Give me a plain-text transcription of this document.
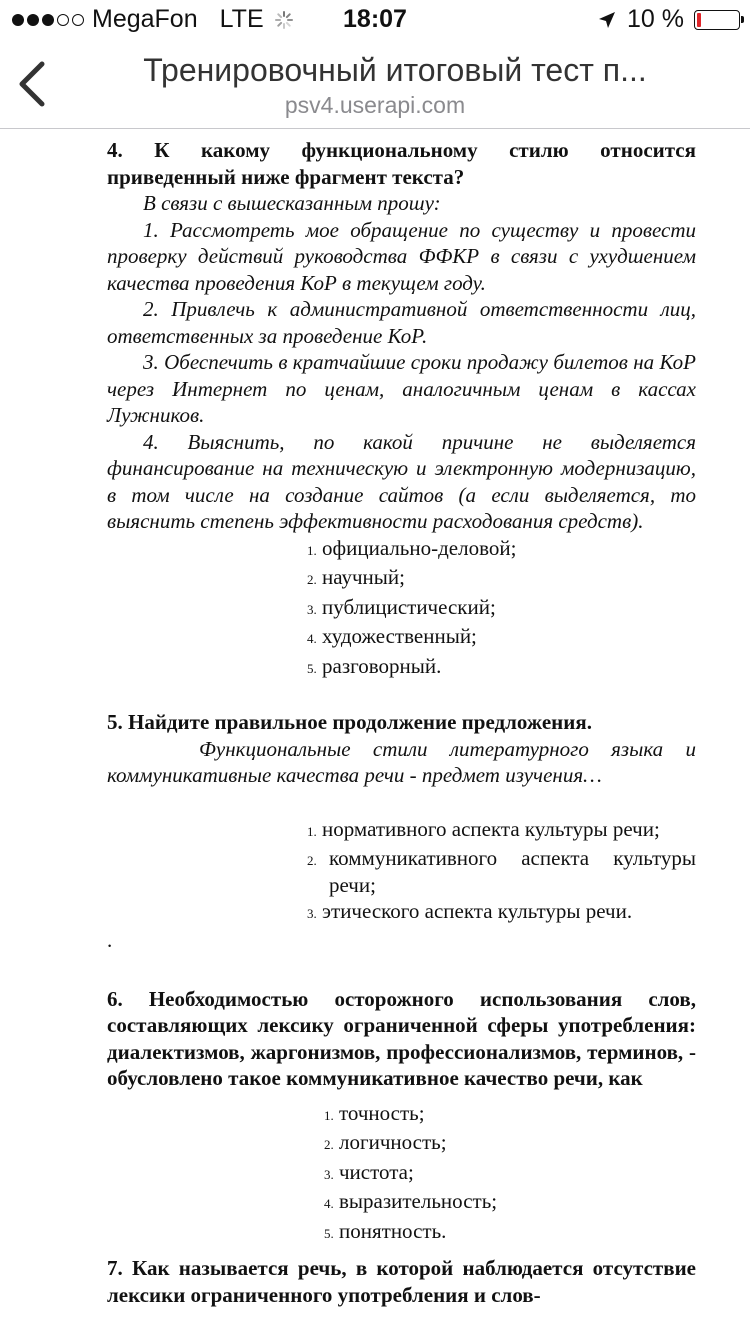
MegaFon LTE	18:07	10 %
Тренировочный итоговый тест п...
psv4.userapi.com

4. К какому функциональному стилю относится приведенный ниже фрагмент текста?

В связи с вышесказанным прошу:

1. Рассмотреть мое обращение по существу и провести проверку действий руководства ФФКР в связи с ухудшением качества проведения КоР в текущем году.

2. Привлечь к административной ответственности лиц, ответственных за проведение КоР.

3. Обеспечить в кратчайшие сроки продажу билетов на КоР через Интернет по ценам, аналогичным ценам в кассах Лужников.

4. Выяснить, по какой причине не выделяется финансирование на техническую и электронную модернизацию, в том числе на создание сайтов (а если выделяется, то выяснить степень эффективности расходования средств).

1. официально-деловой;
2. научный;
3. публицистический;
4. художественный;
5. разговорный.

5. Найдите правильное продолжение предложения.

Функциональные стили литературного языка и коммуникативные качества речи - предмет изучения…

1. нормативного аспекта культуры речи;
2. коммуникативного аспекта культуры речи;
3. этического аспекта культуры речи.
.

6. Необходимостью осторожного использования слов, составляющих лексику ограниченной сферы употребления: диалектизмов, жаргонизмов, профессионализмов, терминов, - обусловлено такое коммуникативное качество речи, как

1. точность;
2. логичность;
3. чистота;
4. выразительность;
5. понятность.

7. Как называется речь, в которой наблюдается отсутствие лексики ограниченного употребления и слов-
